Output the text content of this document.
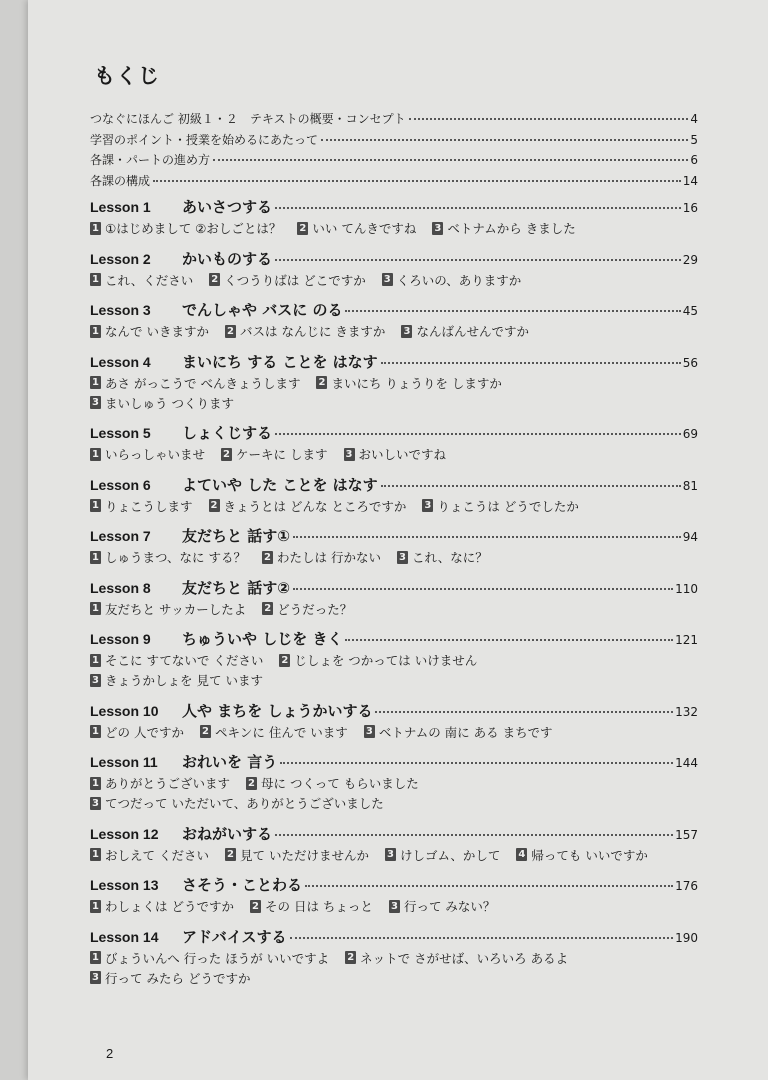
もくじ
つなぐにほんご 初級１・２　テキストの概要・コンセプト	4
学習のポイント・授業を始めるにあたって	5
各課・パートの進め方	6
各課の構成	14
Lesson 1	あいさつする	16
1 ①はじめまして ②おしごとは？ 2 いい てんきですね 3 ベトナムから きました
Lesson 2	かいものする	29
1 これ、ください 2 くつうりばは どこですか 3 くろいの、ありますか
Lesson 3	でんしゃや バスに のる	45
1 なんで いきますか 2 バスは なんじに きますか 3 なんばんせんですか
Lesson 4	まいにち する ことを はなす	56
1 あさ がっこうで べんきょうします 2 まいにち りょうりを しますか
3 まいしゅう つくります
Lesson 5	しょくじする	69
1 いらっしゃいませ 2 ケーキに します 3 おいしいですね
Lesson 6	よていや した ことを はなす	81
1 りょこうします 2 きょうとは どんな ところですか 3 りょこうは どうでしたか
Lesson 7	友だちと 話す①	94
1 しゅうまつ、なに する？ 2 わたしは 行かない 3 これ、なに？
Lesson 8	友だちと 話す②	110
1 友だちと サッカーしたよ 2 どうだった？
Lesson 9	ちゅういや しじを きく	121
1 そこに すてないで ください 2 じしょを つかっては いけません
3 きょうかしょを 見て います
Lesson 10	人や まちを しょうかいする	132
1 どの 人ですか 2 ペキンに 住んで います 3 ベトナムの 南に ある まちです
Lesson 11	おれいを 言う	144
1 ありがとうございます 2 母に つくって もらいました
3 てつだって いただいて、ありがとうございました
Lesson 12	おねがいする	157
1 おしえて ください 2 見て いただけませんか 3 けしゴム、かして 4 帰っても いいですか
Lesson 13	さそう・ことわる	176
1 わしょくは どうですか 2 その 日は ちょっと 3 行って みない？
Lesson 14	アドバイスする	190
1 びょういんへ 行った ほうが いいですよ 2 ネットで さがせば、いろいろ あるよ
3 行って みたら どうですか
2
